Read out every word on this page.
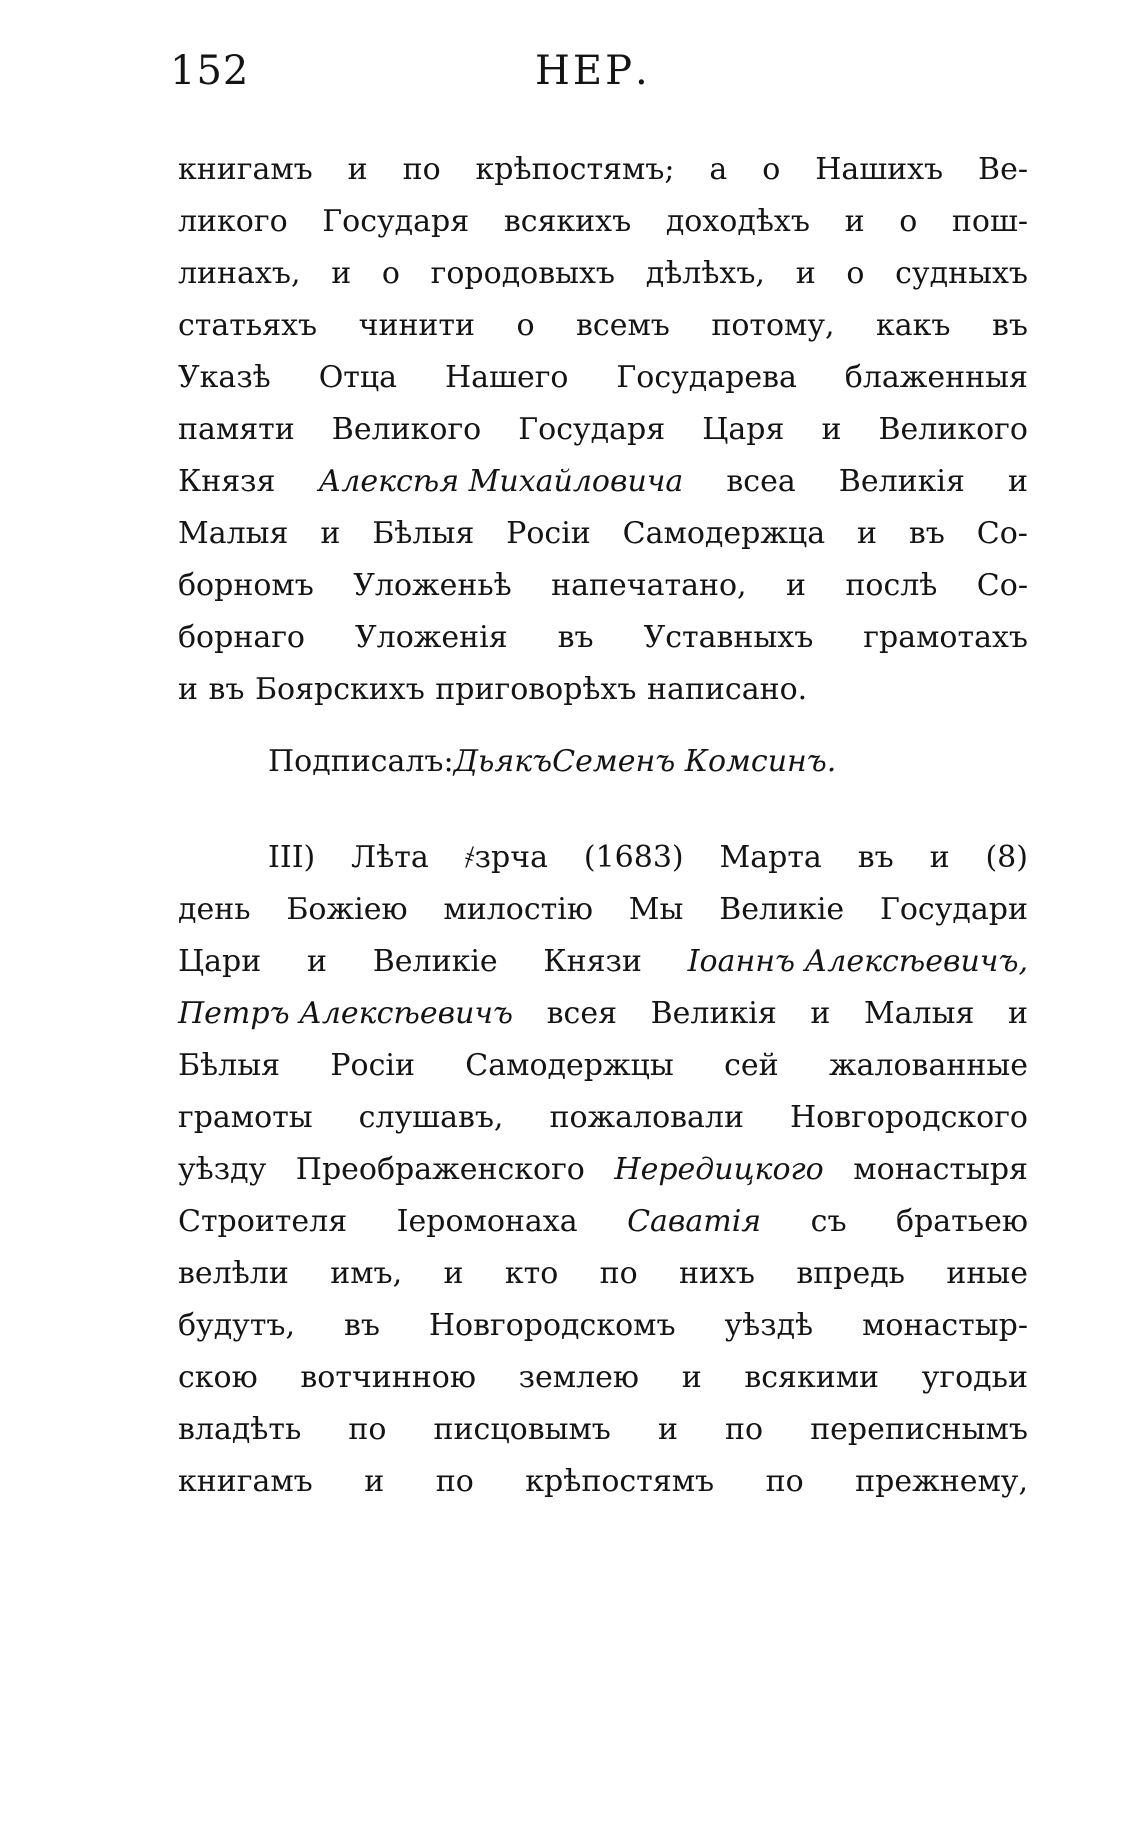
152	НЕР.
книгамъ и по крѣпостямъ; а о Нашихъ Ве-
ликого Государя всякихъ доходѣхъ и о пош-
линахъ, и о городовыхъ дѣлѣхъ, и о судныхъ
статьяхъ чинити о всемъ потому, какъ въ
Указѣ Отца Нашего Государева блаженныя
памяти Великого Государя Царя и Великого
Князя Алексѣя Михайловича всеа Великія и
Малыя и Бѣлыя Росіи Самодержца и въ Со-
борномъ Уложеньѣ напечатано, и послѣ Со-
борнаго Уложенія въ Уставныхъ грамотахъ
и въ Боярскихъ приговорѣхъ написано.
Подписалъ: Дьякъ Семенъ Комсинъ.
III) Лѣта ҂зрча (1683) Марта въ и (8)
день Божіею милостію Мы Великіе Государи
Цари и Великіе Князи Іоаннъ Алексѣевичъ,
Петръ Алексѣевичъ всея Великія и Малыя и
Бѣлыя Росіи Самодержцы сей жалованные
грамоты слушавъ, пожаловали Новгородского
уѣзду Преображенского Нередицкого монастыря
Строителя Іеромонаха Саватія съ братьею
велѣли имъ, и кто по нихъ впредь иные
будутъ, въ Новгородскомъ уѣздѣ монастыр-
скою вотчинною землею и всякими угодьи
владѣть по писцовымъ и по переписнымъ
книгамъ и по крѣпостямъ по прежнему,
